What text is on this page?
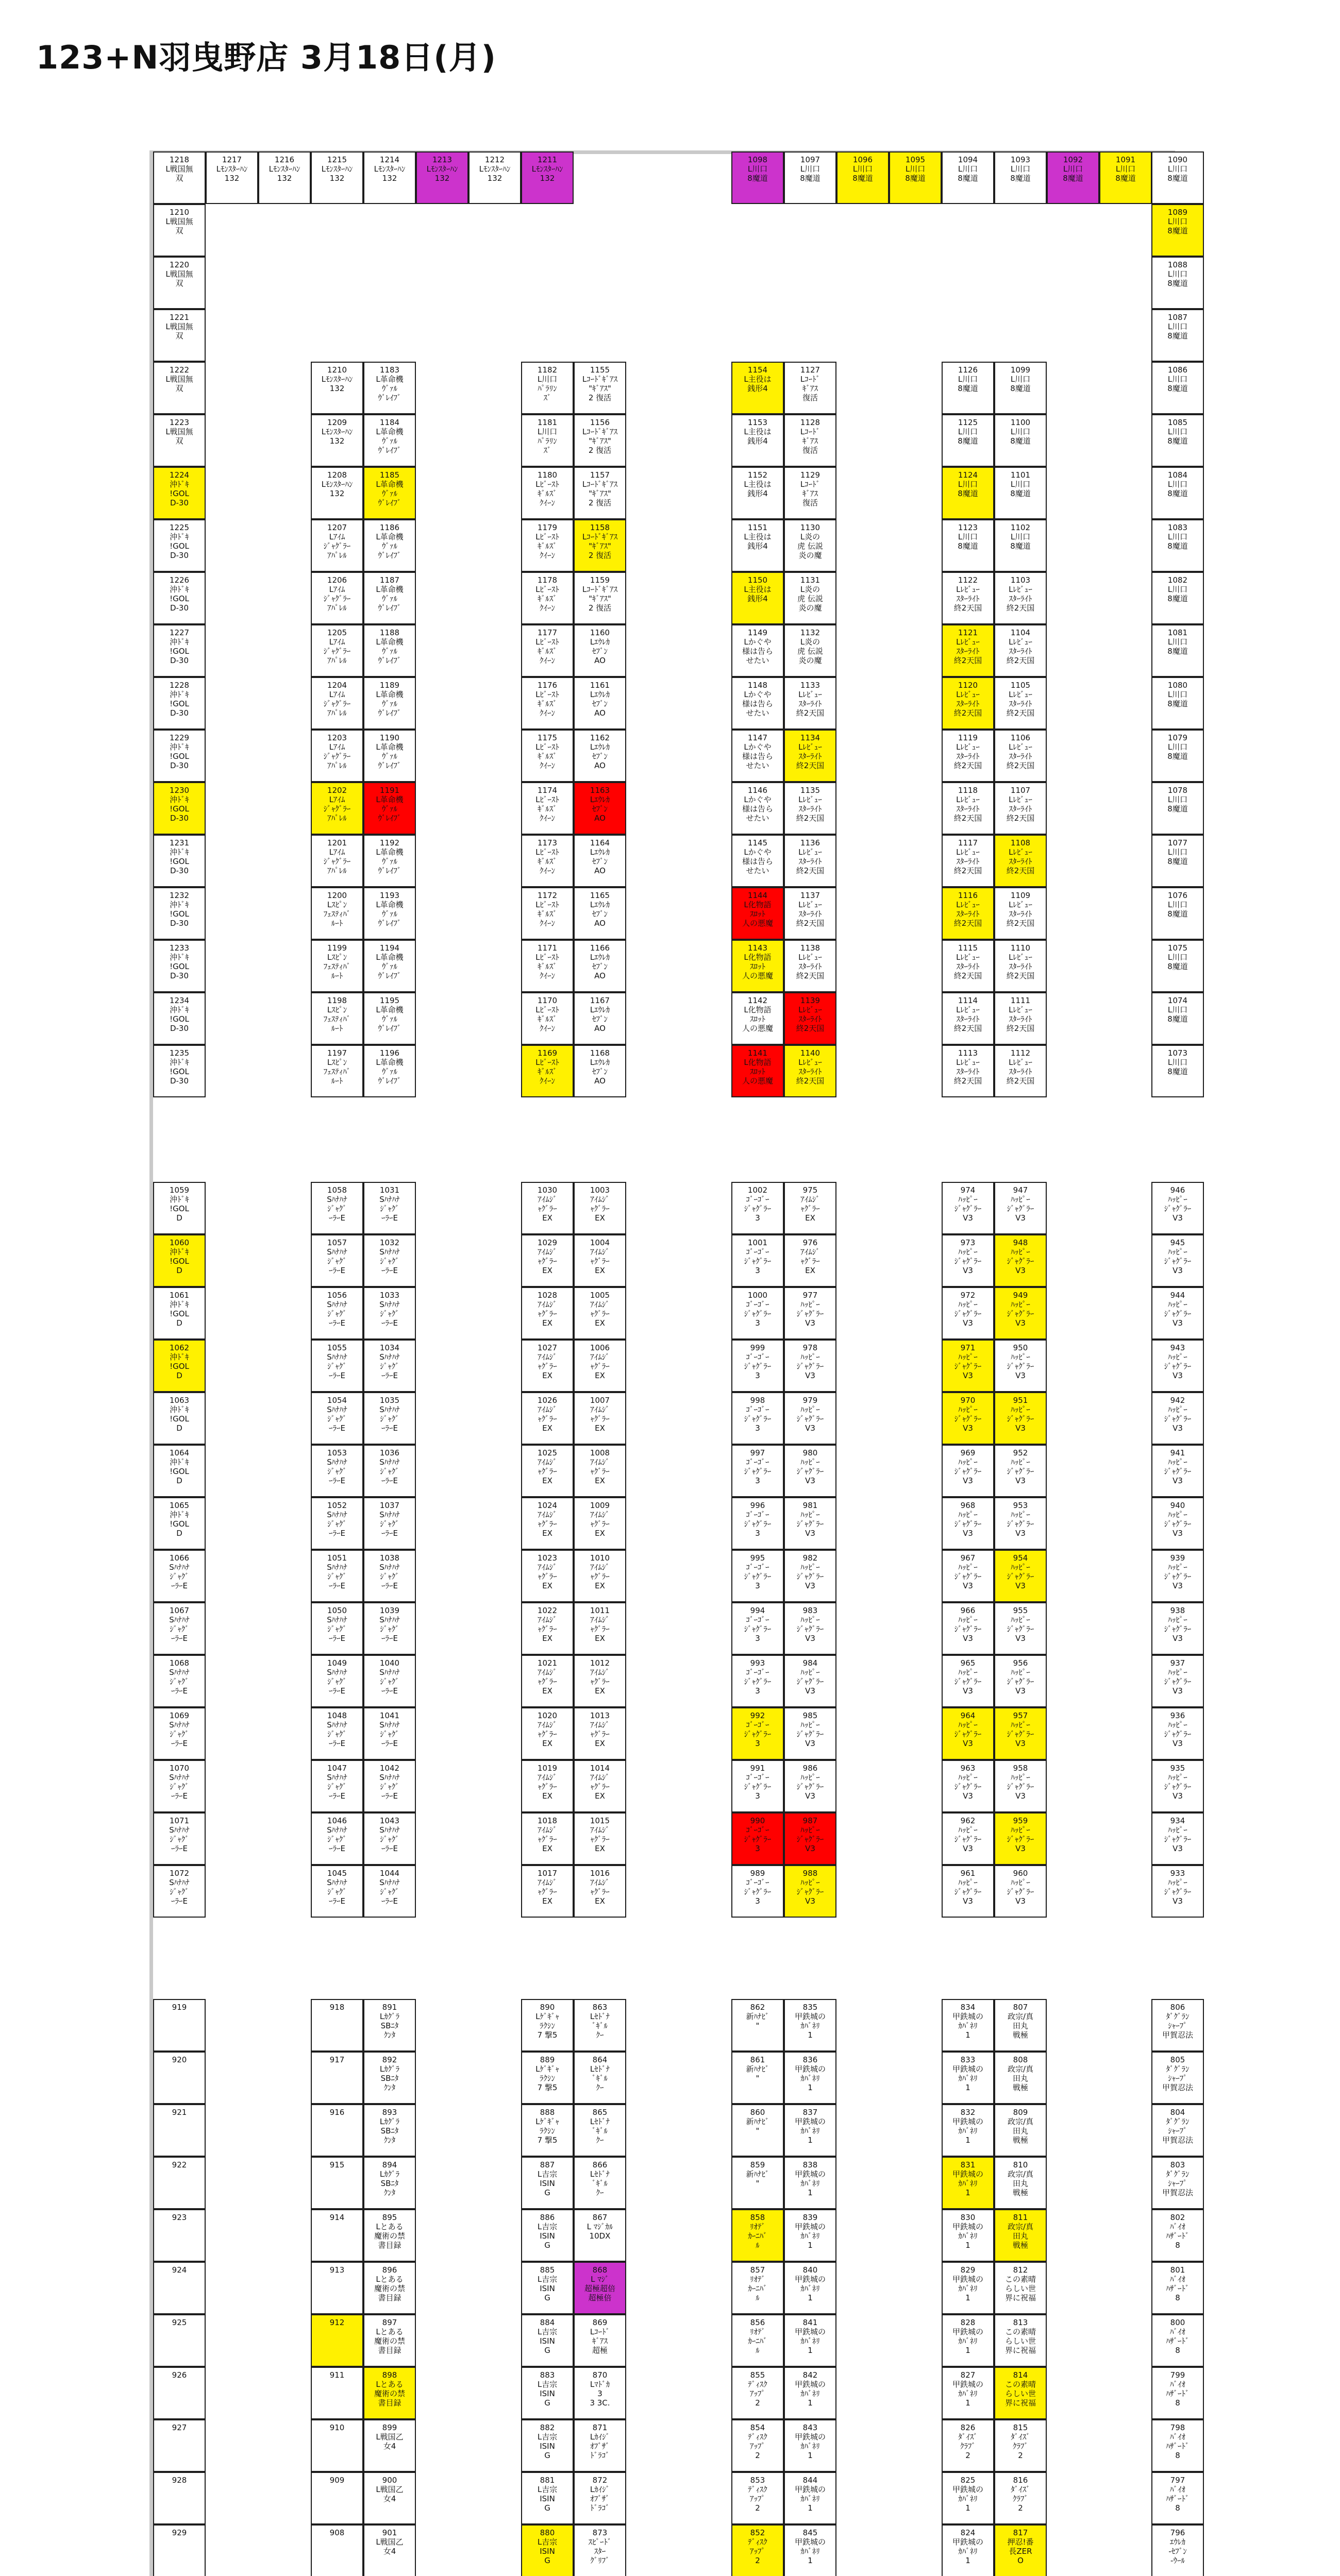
123+N羽曳野店 3月18日(月)
1218
L戦国無
双
1217
Lﾓﾝｽﾀｰﾊﾝ
132
1216
Lﾓﾝｽﾀｰﾊﾝ
132
1215
Lﾓﾝｽﾀｰﾊﾝ
132
1214
Lﾓﾝｽﾀｰﾊﾝ
132
1213
Lﾓﾝｽﾀｰﾊﾝ
132
1212
Lﾓﾝｽﾀｰﾊﾝ
132
1211
Lﾓﾝｽﾀｰﾊﾝ
132
1098
L川口
8魔道
1097
L川口
8魔道
1096
L川口
8魔道
1095
L川口
8魔道
1094
L川口
8魔道
1093
L川口
8魔道
1092
L川口
8魔道
1091
L川口
8魔道
1090
L川口
8魔道
1210
L戦国無
双
1220
L戦国無
双
1221
L戦国無
双
1222
L戦国無
双
1223
L戦国無
双
1224
沖ﾄﾞｷ
!GOL
D-30
1225
沖ﾄﾞｷ
!GOL
D-30
1226
沖ﾄﾞｷ
!GOL
D-30
1227
沖ﾄﾞｷ
!GOL
D-30
1228
沖ﾄﾞｷ
!GOL
D-30
1229
沖ﾄﾞｷ
!GOL
D-30
1230
沖ﾄﾞｷ
!GOL
D-30
1231
沖ﾄﾞｷ
!GOL
D-30
1232
沖ﾄﾞｷ
!GOL
D-30
1233
沖ﾄﾞｷ
!GOL
D-30
1234
沖ﾄﾞｷ
!GOL
D-30
1235
沖ﾄﾞｷ
!GOL
D-30
1210
Lﾓﾝｽﾀｰﾊﾝ
132
1209
Lﾓﾝｽﾀｰﾊﾝ
132
1208
Lﾓﾝｽﾀｰﾊﾝ
132
1207
Lｱｲﾑ
ｼﾞｬｸﾞﾗｰ
ｱﾊﾟﾚﾙ
1206
Lｱｲﾑ
ｼﾞｬｸﾞﾗｰ
ｱﾊﾟﾚﾙ
1205
Lｱｲﾑ
ｼﾞｬｸﾞﾗｰ
ｱﾊﾟﾚﾙ
1204
Lｱｲﾑ
ｼﾞｬｸﾞﾗｰ
ｱﾊﾟﾚﾙ
1203
Lｱｲﾑ
ｼﾞｬｸﾞﾗｰ
ｱﾊﾟﾚﾙ
1202
Lｱｲﾑ
ｼﾞｬｸﾞﾗｰ
ｱﾊﾟﾚﾙ
1201
Lｱｲﾑ
ｼﾞｬｸﾞﾗｰ
ｱﾊﾟﾚﾙ
1200
Lｽﾋﾟﾝ
ﾌｪｽﾃｨﾊﾞ
ﾙｰﾄ
1199
Lｽﾋﾟﾝ
ﾌｪｽﾃｨﾊﾞ
ﾙｰﾄ
1198
Lｽﾋﾟﾝ
ﾌｪｽﾃｨﾊﾞ
ﾙｰﾄ
1197
Lｽﾋﾟﾝ
ﾌｪｽﾃｨﾊﾞ
ﾙｰﾄ
1183
L革命機
ｳﾞｧﾙ
ｳﾞﾚｲﾌﾞ
1184
L革命機
ｳﾞｧﾙ
ｳﾞﾚｲﾌﾞ
1185
L革命機
ｳﾞｧﾙ
ｳﾞﾚｲﾌﾞ
1186
L革命機
ｳﾞｧﾙ
ｳﾞﾚｲﾌﾞ
1187
L革命機
ｳﾞｧﾙ
ｳﾞﾚｲﾌﾞ
1188
L革命機
ｳﾞｧﾙ
ｳﾞﾚｲﾌﾞ
1189
L革命機
ｳﾞｧﾙ
ｳﾞﾚｲﾌﾞ
1190
L革命機
ｳﾞｧﾙ
ｳﾞﾚｲﾌﾞ
1191
L革命機
ｳﾞｧﾙ
ｳﾞﾚｲﾌﾞ
1192
L革命機
ｳﾞｧﾙ
ｳﾞﾚｲﾌﾞ
1193
L革命機
ｳﾞｧﾙ
ｳﾞﾚｲﾌﾞ
1194
L革命機
ｳﾞｧﾙ
ｳﾞﾚｲﾌﾞ
1195
L革命機
ｳﾞｧﾙ
ｳﾞﾚｲﾌﾞ
1196
L革命機
ｳﾞｧﾙ
ｳﾞﾚｲﾌﾞ
1182
L川口
ﾊﾟﾗﾘﾝ
ｽﾞ
1181
L川口
ﾊﾟﾗﾘﾝ
ｽﾞ
1180
Lﾋﾞｰｽﾄ
ｷﾞﾙｽﾞ
ｸｲｰﾝ
1179
Lﾋﾞｰｽﾄ
ｷﾞﾙｽﾞ
ｸｲｰﾝ
1178
Lﾋﾞｰｽﾄ
ｷﾞﾙｽﾞ
ｸｲｰﾝ
1177
Lﾋﾞｰｽﾄ
ｷﾞﾙｽﾞ
ｸｲｰﾝ
1176
Lﾋﾞｰｽﾄ
ｷﾞﾙｽﾞ
ｸｲｰﾝ
1175
Lﾋﾞｰｽﾄ
ｷﾞﾙｽﾞ
ｸｲｰﾝ
1174
Lﾋﾞｰｽﾄ
ｷﾞﾙｽﾞ
ｸｲｰﾝ
1173
Lﾋﾞｰｽﾄ
ｷﾞﾙｽﾞ
ｸｲｰﾝ
1172
Lﾋﾞｰｽﾄ
ｷﾞﾙｽﾞ
ｸｲｰﾝ
1171
Lﾋﾞｰｽﾄ
ｷﾞﾙｽﾞ
ｸｲｰﾝ
1170
Lﾋﾞｰｽﾄ
ｷﾞﾙｽﾞ
ｸｲｰﾝ
1169
Lﾋﾞｰｽﾄ
ｷﾞﾙｽﾞ
ｸｲｰﾝ
1155
Lｺｰﾄﾞｷﾞｱｽ
"ｷﾞｱｽ"
2 復活
1156
Lｺｰﾄﾞｷﾞｱｽ
"ｷﾞｱｽ"
2 復活
1157
Lｺｰﾄﾞｷﾞｱｽ
"ｷﾞｱｽ"
2 復活
1158
Lｺｰﾄﾞｷﾞｱｽ
"ｷﾞｱｽ"
2 復活
1159
Lｺｰﾄﾞｷﾞｱｽ
"ｷﾞｱｽ"
2 復活
1160
Lｴｳﾚｶ
ｾﾌﾞﾝ
AO
1161
Lｴｳﾚｶ
ｾﾌﾞﾝ
AO
1162
Lｴｳﾚｶ
ｾﾌﾞﾝ
AO
1163
Lｴｳﾚｶ
ｾﾌﾞﾝ
AO
1164
Lｴｳﾚｶ
ｾﾌﾞﾝ
AO
1165
Lｴｳﾚｶ
ｾﾌﾞﾝ
AO
1166
Lｴｳﾚｶ
ｾﾌﾞﾝ
AO
1167
Lｴｳﾚｶ
ｾﾌﾞﾝ
AO
1168
Lｴｳﾚｶ
ｾﾌﾞﾝ
AO
1154
L主役は
銭形4
1153
L主役は
銭形4
1152
L主役は
銭形4
1151
L主役は
銭形4
1150
L主役は
銭形4
1149
Lかぐや
様は告ら
せたい
1148
Lかぐや
様は告ら
せたい
1147
Lかぐや
様は告ら
せたい
1146
Lかぐや
様は告ら
せたい
1145
Lかぐや
様は告ら
せたい
1144
L化物語
ｽﾛｯﾄ
人の悪魔
1143
L化物語
ｽﾛｯﾄ
人の悪魔
1142
L化物語
ｽﾛｯﾄ
人の悪魔
1141
L化物語
ｽﾛｯﾄ
人の悪魔
1127
Lｺｰﾄﾞ
ｷﾞｱｽ
復活
1128
Lｺｰﾄﾞ
ｷﾞｱｽ
復活
1129
Lｺｰﾄﾞ
ｷﾞｱｽ
復活
1130
L炎の
虎 伝説
炎の魔
1131
L炎の
虎 伝説
炎の魔
1132
L炎の
虎 伝説
炎の魔
1133
Lﾚﾋﾞｭｰ
ｽﾀｰﾗｲﾄ
終2天国
1134
Lﾚﾋﾞｭｰ
ｽﾀｰﾗｲﾄ
終2天国
1135
Lﾚﾋﾞｭｰ
ｽﾀｰﾗｲﾄ
終2天国
1136
Lﾚﾋﾞｭｰ
ｽﾀｰﾗｲﾄ
終2天国
1137
Lﾚﾋﾞｭｰ
ｽﾀｰﾗｲﾄ
終2天国
1138
Lﾚﾋﾞｭｰ
ｽﾀｰﾗｲﾄ
終2天国
1139
Lﾚﾋﾞｭｰ
ｽﾀｰﾗｲﾄ
終2天国
1140
Lﾚﾋﾞｭｰ
ｽﾀｰﾗｲﾄ
終2天国
1126
L川口
8魔道
1125
L川口
8魔道
1124
L川口
8魔道
1123
L川口
8魔道
1122
Lﾚﾋﾞｭｰ
ｽﾀｰﾗｲﾄ
終2天国
1121
Lﾚﾋﾞｭｰ
ｽﾀｰﾗｲﾄ
終2天国
1120
Lﾚﾋﾞｭｰ
ｽﾀｰﾗｲﾄ
終2天国
1119
Lﾚﾋﾞｭｰ
ｽﾀｰﾗｲﾄ
終2天国
1118
Lﾚﾋﾞｭｰ
ｽﾀｰﾗｲﾄ
終2天国
1117
Lﾚﾋﾞｭｰ
ｽﾀｰﾗｲﾄ
終2天国
1116
Lﾚﾋﾞｭｰ
ｽﾀｰﾗｲﾄ
終2天国
1115
Lﾚﾋﾞｭｰ
ｽﾀｰﾗｲﾄ
終2天国
1114
Lﾚﾋﾞｭｰ
ｽﾀｰﾗｲﾄ
終2天国
1113
Lﾚﾋﾞｭｰ
ｽﾀｰﾗｲﾄ
終2天国
1099
L川口
8魔道
1100
L川口
8魔道
1101
L川口
8魔道
1102
L川口
8魔道
1103
Lﾚﾋﾞｭｰ
ｽﾀｰﾗｲﾄ
終2天国
1104
Lﾚﾋﾞｭｰ
ｽﾀｰﾗｲﾄ
終2天国
1105
Lﾚﾋﾞｭｰ
ｽﾀｰﾗｲﾄ
終2天国
1106
Lﾚﾋﾞｭｰ
ｽﾀｰﾗｲﾄ
終2天国
1107
Lﾚﾋﾞｭｰ
ｽﾀｰﾗｲﾄ
終2天国
1108
Lﾚﾋﾞｭｰ
ｽﾀｰﾗｲﾄ
終2天国
1109
Lﾚﾋﾞｭｰ
ｽﾀｰﾗｲﾄ
終2天国
1110
Lﾚﾋﾞｭｰ
ｽﾀｰﾗｲﾄ
終2天国
1111
Lﾚﾋﾞｭｰ
ｽﾀｰﾗｲﾄ
終2天国
1112
Lﾚﾋﾞｭｰ
ｽﾀｰﾗｲﾄ
終2天国
1089
L川口
8魔道
1088
L川口
8魔道
1087
L川口
8魔道
1086
L川口
8魔道
1085
L川口
8魔道
1084
L川口
8魔道
1083
L川口
8魔道
1082
L川口
8魔道
1081
L川口
8魔道
1080
L川口
8魔道
1079
L川口
8魔道
1078
L川口
8魔道
1077
L川口
8魔道
1076
L川口
8魔道
1075
L川口
8魔道
1074
L川口
8魔道
1073
L川口
8魔道
1059
沖ﾄﾞｷ
!GOL
D
1060
沖ﾄﾞｷ
!GOL
D
1061
沖ﾄﾞｷ
!GOL
D
1062
沖ﾄﾞｷ
!GOL
D
1063
沖ﾄﾞｷ
!GOL
D
1064
沖ﾄﾞｷ
!GOL
D
1065
沖ﾄﾞｷ
!GOL
D
1066
Sﾊﾅﾊﾅ
ｼﾞｬｸﾞ
ｰﾗｰE
1067
Sﾊﾅﾊﾅ
ｼﾞｬｸﾞ
ｰﾗｰE
1068
Sﾊﾅﾊﾅ
ｼﾞｬｸﾞ
ｰﾗｰE
1069
Sﾊﾅﾊﾅ
ｼﾞｬｸﾞ
ｰﾗｰE
1070
Sﾊﾅﾊﾅ
ｼﾞｬｸﾞ
ｰﾗｰE
1071
Sﾊﾅﾊﾅ
ｼﾞｬｸﾞ
ｰﾗｰE
1072
Sﾊﾅﾊﾅ
ｼﾞｬｸﾞ
ｰﾗｰE
1058
Sﾊﾅﾊﾅ
ｼﾞｬｸﾞ
ｰﾗｰE
1057
Sﾊﾅﾊﾅ
ｼﾞｬｸﾞ
ｰﾗｰE
1056
Sﾊﾅﾊﾅ
ｼﾞｬｸﾞ
ｰﾗｰE
1055
Sﾊﾅﾊﾅ
ｼﾞｬｸﾞ
ｰﾗｰE
1054
Sﾊﾅﾊﾅ
ｼﾞｬｸﾞ
ｰﾗｰE
1053
Sﾊﾅﾊﾅ
ｼﾞｬｸﾞ
ｰﾗｰE
1052
Sﾊﾅﾊﾅ
ｼﾞｬｸﾞ
ｰﾗｰE
1051
Sﾊﾅﾊﾅ
ｼﾞｬｸﾞ
ｰﾗｰE
1050
Sﾊﾅﾊﾅ
ｼﾞｬｸﾞ
ｰﾗｰE
1049
Sﾊﾅﾊﾅ
ｼﾞｬｸﾞ
ｰﾗｰE
1048
Sﾊﾅﾊﾅ
ｼﾞｬｸﾞ
ｰﾗｰE
1047
Sﾊﾅﾊﾅ
ｼﾞｬｸﾞ
ｰﾗｰE
1046
Sﾊﾅﾊﾅ
ｼﾞｬｸﾞ
ｰﾗｰE
1045
Sﾊﾅﾊﾅ
ｼﾞｬｸﾞ
ｰﾗｰE
1031
Sﾊﾅﾊﾅ
ｼﾞｬｸﾞ
ｰﾗｰE
1032
Sﾊﾅﾊﾅ
ｼﾞｬｸﾞ
ｰﾗｰE
1033
Sﾊﾅﾊﾅ
ｼﾞｬｸﾞ
ｰﾗｰE
1034
Sﾊﾅﾊﾅ
ｼﾞｬｸﾞ
ｰﾗｰE
1035
Sﾊﾅﾊﾅ
ｼﾞｬｸﾞ
ｰﾗｰE
1036
Sﾊﾅﾊﾅ
ｼﾞｬｸﾞ
ｰﾗｰE
1037
Sﾊﾅﾊﾅ
ｼﾞｬｸﾞ
ｰﾗｰE
1038
Sﾊﾅﾊﾅ
ｼﾞｬｸﾞ
ｰﾗｰE
1039
Sﾊﾅﾊﾅ
ｼﾞｬｸﾞ
ｰﾗｰE
1040
Sﾊﾅﾊﾅ
ｼﾞｬｸﾞ
ｰﾗｰE
1041
Sﾊﾅﾊﾅ
ｼﾞｬｸﾞ
ｰﾗｰE
1042
Sﾊﾅﾊﾅ
ｼﾞｬｸﾞ
ｰﾗｰE
1043
Sﾊﾅﾊﾅ
ｼﾞｬｸﾞ
ｰﾗｰE
1044
Sﾊﾅﾊﾅ
ｼﾞｬｸﾞ
ｰﾗｰE
1030
ｱｲﾑｼﾞ
ｬｸﾞﾗｰ
EX
1029
ｱｲﾑｼﾞ
ｬｸﾞﾗｰ
EX
1028
ｱｲﾑｼﾞ
ｬｸﾞﾗｰ
EX
1027
ｱｲﾑｼﾞ
ｬｸﾞﾗｰ
EX
1026
ｱｲﾑｼﾞ
ｬｸﾞﾗｰ
EX
1025
ｱｲﾑｼﾞ
ｬｸﾞﾗｰ
EX
1024
ｱｲﾑｼﾞ
ｬｸﾞﾗｰ
EX
1023
ｱｲﾑｼﾞ
ｬｸﾞﾗｰ
EX
1022
ｱｲﾑｼﾞ
ｬｸﾞﾗｰ
EX
1021
ｱｲﾑｼﾞ
ｬｸﾞﾗｰ
EX
1020
ｱｲﾑｼﾞ
ｬｸﾞﾗｰ
EX
1019
ｱｲﾑｼﾞ
ｬｸﾞﾗｰ
EX
1018
ｱｲﾑｼﾞ
ｬｸﾞﾗｰ
EX
1017
ｱｲﾑｼﾞ
ｬｸﾞﾗｰ
EX
1003
ｱｲﾑｼﾞ
ｬｸﾞﾗｰ
EX
1004
ｱｲﾑｼﾞ
ｬｸﾞﾗｰ
EX
1005
ｱｲﾑｼﾞ
ｬｸﾞﾗｰ
EX
1006
ｱｲﾑｼﾞ
ｬｸﾞﾗｰ
EX
1007
ｱｲﾑｼﾞ
ｬｸﾞﾗｰ
EX
1008
ｱｲﾑｼﾞ
ｬｸﾞﾗｰ
EX
1009
ｱｲﾑｼﾞ
ｬｸﾞﾗｰ
EX
1010
ｱｲﾑｼﾞ
ｬｸﾞﾗｰ
EX
1011
ｱｲﾑｼﾞ
ｬｸﾞﾗｰ
EX
1012
ｱｲﾑｼﾞ
ｬｸﾞﾗｰ
EX
1013
ｱｲﾑｼﾞ
ｬｸﾞﾗｰ
EX
1014
ｱｲﾑｼﾞ
ｬｸﾞﾗｰ
EX
1015
ｱｲﾑｼﾞ
ｬｸﾞﾗｰ
EX
1016
ｱｲﾑｼﾞ
ｬｸﾞﾗｰ
EX
1002
ｺﾞｰｺﾞｰ
ｼﾞｬｸﾞﾗｰ
3
1001
ｺﾞｰｺﾞｰ
ｼﾞｬｸﾞﾗｰ
3
1000
ｺﾞｰｺﾞｰ
ｼﾞｬｸﾞﾗｰ
3
999
ｺﾞｰｺﾞｰ
ｼﾞｬｸﾞﾗｰ
3
998
ｺﾞｰｺﾞｰ
ｼﾞｬｸﾞﾗｰ
3
997
ｺﾞｰｺﾞｰ
ｼﾞｬｸﾞﾗｰ
3
996
ｺﾞｰｺﾞｰ
ｼﾞｬｸﾞﾗｰ
3
995
ｺﾞｰｺﾞｰ
ｼﾞｬｸﾞﾗｰ
3
994
ｺﾞｰｺﾞｰ
ｼﾞｬｸﾞﾗｰ
3
993
ｺﾞｰｺﾞｰ
ｼﾞｬｸﾞﾗｰ
3
992
ｺﾞｰｺﾞｰ
ｼﾞｬｸﾞﾗｰ
3
991
ｺﾞｰｺﾞｰ
ｼﾞｬｸﾞﾗｰ
3
990
ｺﾞｰｺﾞｰ
ｼﾞｬｸﾞﾗｰ
3
989
ｺﾞｰｺﾞｰ
ｼﾞｬｸﾞﾗｰ
3
975
ｱｲﾑｼﾞ
ｬｸﾞﾗｰ
EX
976
ｱｲﾑｼﾞ
ｬｸﾞﾗｰ
EX
977
ﾊｯﾋﾟｰ
ｼﾞｬｸﾞﾗｰ
V3
978
ﾊｯﾋﾟｰ
ｼﾞｬｸﾞﾗｰ
V3
979
ﾊｯﾋﾟｰ
ｼﾞｬｸﾞﾗｰ
V3
980
ﾊｯﾋﾟｰ
ｼﾞｬｸﾞﾗｰ
V3
981
ﾊｯﾋﾟｰ
ｼﾞｬｸﾞﾗｰ
V3
982
ﾊｯﾋﾟｰ
ｼﾞｬｸﾞﾗｰ
V3
983
ﾊｯﾋﾟｰ
ｼﾞｬｸﾞﾗｰ
V3
984
ﾊｯﾋﾟｰ
ｼﾞｬｸﾞﾗｰ
V3
985
ﾊｯﾋﾟｰ
ｼﾞｬｸﾞﾗｰ
V3
986
ﾊｯﾋﾟｰ
ｼﾞｬｸﾞﾗｰ
V3
987
ﾊｯﾋﾟｰ
ｼﾞｬｸﾞﾗｰ
V3
988
ﾊｯﾋﾟｰ
ｼﾞｬｸﾞﾗｰ
V3
974
ﾊｯﾋﾟｰ
ｼﾞｬｸﾞﾗｰ
V3
973
ﾊｯﾋﾟｰ
ｼﾞｬｸﾞﾗｰ
V3
972
ﾊｯﾋﾟｰ
ｼﾞｬｸﾞﾗｰ
V3
971
ﾊｯﾋﾟｰ
ｼﾞｬｸﾞﾗｰ
V3
970
ﾊｯﾋﾟｰ
ｼﾞｬｸﾞﾗｰ
V3
969
ﾊｯﾋﾟｰ
ｼﾞｬｸﾞﾗｰ
V3
968
ﾊｯﾋﾟｰ
ｼﾞｬｸﾞﾗｰ
V3
967
ﾊｯﾋﾟｰ
ｼﾞｬｸﾞﾗｰ
V3
966
ﾊｯﾋﾟｰ
ｼﾞｬｸﾞﾗｰ
V3
965
ﾊｯﾋﾟｰ
ｼﾞｬｸﾞﾗｰ
V3
964
ﾊｯﾋﾟｰ
ｼﾞｬｸﾞﾗｰ
V3
963
ﾊｯﾋﾟｰ
ｼﾞｬｸﾞﾗｰ
V3
962
ﾊｯﾋﾟｰ
ｼﾞｬｸﾞﾗｰ
V3
961
ﾊｯﾋﾟｰ
ｼﾞｬｸﾞﾗｰ
V3
947
ﾊｯﾋﾟｰ
ｼﾞｬｸﾞﾗｰ
V3
948
ﾊｯﾋﾟｰ
ｼﾞｬｸﾞﾗｰ
V3
949
ﾊｯﾋﾟｰ
ｼﾞｬｸﾞﾗｰ
V3
950
ﾊｯﾋﾟｰ
ｼﾞｬｸﾞﾗｰ
V3
951
ﾊｯﾋﾟｰ
ｼﾞｬｸﾞﾗｰ
V3
952
ﾊｯﾋﾟｰ
ｼﾞｬｸﾞﾗｰ
V3
953
ﾊｯﾋﾟｰ
ｼﾞｬｸﾞﾗｰ
V3
954
ﾊｯﾋﾟｰ
ｼﾞｬｸﾞﾗｰ
V3
955
ﾊｯﾋﾟｰ
ｼﾞｬｸﾞﾗｰ
V3
956
ﾊｯﾋﾟｰ
ｼﾞｬｸﾞﾗｰ
V3
957
ﾊｯﾋﾟｰ
ｼﾞｬｸﾞﾗｰ
V3
958
ﾊｯﾋﾟｰ
ｼﾞｬｸﾞﾗｰ
V3
959
ﾊｯﾋﾟｰ
ｼﾞｬｸﾞﾗｰ
V3
960
ﾊｯﾋﾟｰ
ｼﾞｬｸﾞﾗｰ
V3
946
ﾊｯﾋﾟｰ
ｼﾞｬｸﾞﾗｰ
V3
945
ﾊｯﾋﾟｰ
ｼﾞｬｸﾞﾗｰ
V3
944
ﾊｯﾋﾟｰ
ｼﾞｬｸﾞﾗｰ
V3
943
ﾊｯﾋﾟｰ
ｼﾞｬｸﾞﾗｰ
V3
942
ﾊｯﾋﾟｰ
ｼﾞｬｸﾞﾗｰ
V3
941
ﾊｯﾋﾟｰ
ｼﾞｬｸﾞﾗｰ
V3
940
ﾊｯﾋﾟｰ
ｼﾞｬｸﾞﾗｰ
V3
939
ﾊｯﾋﾟｰ
ｼﾞｬｸﾞﾗｰ
V3
938
ﾊｯﾋﾟｰ
ｼﾞｬｸﾞﾗｰ
V3
937
ﾊｯﾋﾟｰ
ｼﾞｬｸﾞﾗｰ
V3
936
ﾊｯﾋﾟｰ
ｼﾞｬｸﾞﾗｰ
V3
935
ﾊｯﾋﾟｰ
ｼﾞｬｸﾞﾗｰ
V3
934
ﾊｯﾋﾟｰ
ｼﾞｬｸﾞﾗｰ
V3
933
ﾊｯﾋﾟｰ
ｼﾞｬｸﾞﾗｰ
V3
919

920

921

922

923

924

925

926

927

928

929

918

917

916

915

914

913

912

911

910

909

908

891
Lｶｸﾞﾗ
SBﾆﾀ
ｸﾝﾀ
892
Lｶｸﾞﾗ
SBﾆﾀ
ｸﾝﾀ
893
Lｶｸﾞﾗ
SBﾆﾀ
ｸﾝﾀ
894
Lｶｸﾞﾗ
SBﾆﾀ
ｸﾝﾀ
895
Lとある
魔術の禁
書目録
896
Lとある
魔術の禁
書目録
897
Lとある
魔術の禁
書目録
898
Lとある
魔術の禁
書目録
899
L戦国乙
女4
900
L戦国乙
女4
901
L戦国乙
女4

890
Lｹﾞｷﾞｬ
ﾗｸｼﾝ
7 撃5
889
Lｹﾞｷﾞｬ
ﾗｸｼﾝ
7 撃5
888
Lｹﾞｷﾞｬ
ﾗｸｼﾝ
7 撃5
887
L吉宗
ISIN
G
886
L吉宗
ISIN
G
885
L吉宗
ISIN
G
884
L吉宗
ISIN
G
883
L吉宗
ISIN
G
882
L吉宗
ISIN
G
881
L吉宗
ISIN
G
880
L吉宗
ISIN
G

863
Lｾﾄﾞﾅ
ﾞｷﾞﾙ
ｸｰ
864
Lｾﾄﾞﾅ
ﾞｷﾞﾙ
ｸｰ
865
Lｾﾄﾞﾅ
ﾞｷﾞﾙ
ｸｰ
866
Lｾﾄﾞﾅ
ﾞｷﾞﾙ
ｸｰ
867
L ﾏｼﾞｶﾙ
10DX
868
L ﾏｼﾞ
超極超倍
超極倍
869
Lｺｰﾄﾞ
ｷﾞｱｽ
超極
870
Lﾏﾄﾞｶ
3
3 3C.
871
Lｶｲｼﾞ
ｵﾌﾞｻﾞ
ﾄﾞﾗｺﾞ
872
Lｶｲｼﾞ
ｵﾌﾞｻﾞ
ﾄﾞﾗｺﾞ
873
ｽﾋﾟｰﾄﾞ
ｽﾀｰ
ｸﾞﾘﾌﾞ

862
新ﾊﾅﾋﾞ
"
861
新ﾊﾅﾋﾞ
"
860
新ﾊﾅﾋﾞ
"
859
新ﾊﾅﾋﾞ
"
858
ﾘｵﾃﾞ
ｶｰﾆﾊﾞ
ﾙ
857
ﾘｵﾃﾞ
ｶｰﾆﾊﾞ
ﾙ
856
ﾘｵﾃﾞ
ｶｰﾆﾊﾞ
ﾙ
855
ﾃﾞｨｽｸ
ｱｯﾌﾟ
2
854
ﾃﾞｨｽｸ
ｱｯﾌﾟ
2
853
ﾃﾞｨｽｸ
ｱｯﾌﾟ
2
852
ﾃﾞｨｽｸ
ｱｯﾌﾟ
2

835
甲鉄城の
ｶﾊﾞﾈﾘ
1
836
甲鉄城の
ｶﾊﾞﾈﾘ
1
837
甲鉄城の
ｶﾊﾞﾈﾘ
1
838
甲鉄城の
ｶﾊﾞﾈﾘ
1
839
甲鉄城の
ｶﾊﾞﾈﾘ
1
840
甲鉄城の
ｶﾊﾞﾈﾘ
1
841
甲鉄城の
ｶﾊﾞﾈﾘ
1
842
甲鉄城の
ｶﾊﾞﾈﾘ
1
843
甲鉄城の
ｶﾊﾞﾈﾘ
1
844
甲鉄城の
ｶﾊﾞﾈﾘ
1
845
甲鉄城の
ｶﾊﾞﾈﾘ
1

834
甲鉄城の
ｶﾊﾞﾈﾘ
1
833
甲鉄城の
ｶﾊﾞﾈﾘ
1
832
甲鉄城の
ｶﾊﾞﾈﾘ
1
831
甲鉄城の
ｶﾊﾞﾈﾘ
1
830
甲鉄城の
ｶﾊﾞﾈﾘ
1
829
甲鉄城の
ｶﾊﾞﾈﾘ
1
828
甲鉄城の
ｶﾊﾞﾈﾘ
1
827
甲鉄城の
ｶﾊﾞﾈﾘ
1
826
ﾀﾞｲｽﾞ
ｸﾗﾌﾞ
2
825
甲鉄城の
ｶﾊﾞﾈﾘ
1
824
甲鉄城の
ｶﾊﾞﾈﾘ
1

807
政宗/真
田丸
戦極
808
政宗/真
田丸
戦極
809
政宗/真
田丸
戦極
810
政宗/真
田丸
戦極
811
政宗/真
田丸
戦極
812
この素晴
らしい世
界に祝福
813
この素晴
らしい世
界に祝福
814
この素晴
らしい世
界に祝福
815
ﾀﾞｲｽﾞ
ｸﾗﾌﾞ
2
816
ﾀﾞｲｽﾞ
ｸﾗﾌﾞ
2
817
押忍!番
長ZER
O

806
ﾀﾞｸﾞﾗﾝ
ｼｬｰﾌﾟ
甲賀忍法
805
ﾀﾞｸﾞﾗﾝ
ｼｬｰﾌﾟ
甲賀忍法
804
ﾀﾞｸﾞﾗﾝ
ｼｬｰﾌﾟ
甲賀忍法
803
ﾀﾞｸﾞﾗﾝ
ｼｬｰﾌﾟ
甲賀忍法
802
ﾊﾞｲｵ
ﾊｻﾞｰﾄﾞ
8
801
ﾊﾞｲｵ
ﾊｻﾞｰﾄﾞ
8
800
ﾊﾞｲｵ
ﾊｻﾞｰﾄﾞ
8
799
ﾊﾞｲｵ
ﾊｻﾞｰﾄﾞ
8
798
ﾊﾞｲｵ
ﾊｻﾞｰﾄﾞ
8
797
ﾊﾞｲｵ
ﾊｻﾞｰﾄﾞ
8
796
ｴｳﾚｶ
-ｾﾌﾞﾝ
-ｳｰﾙ
